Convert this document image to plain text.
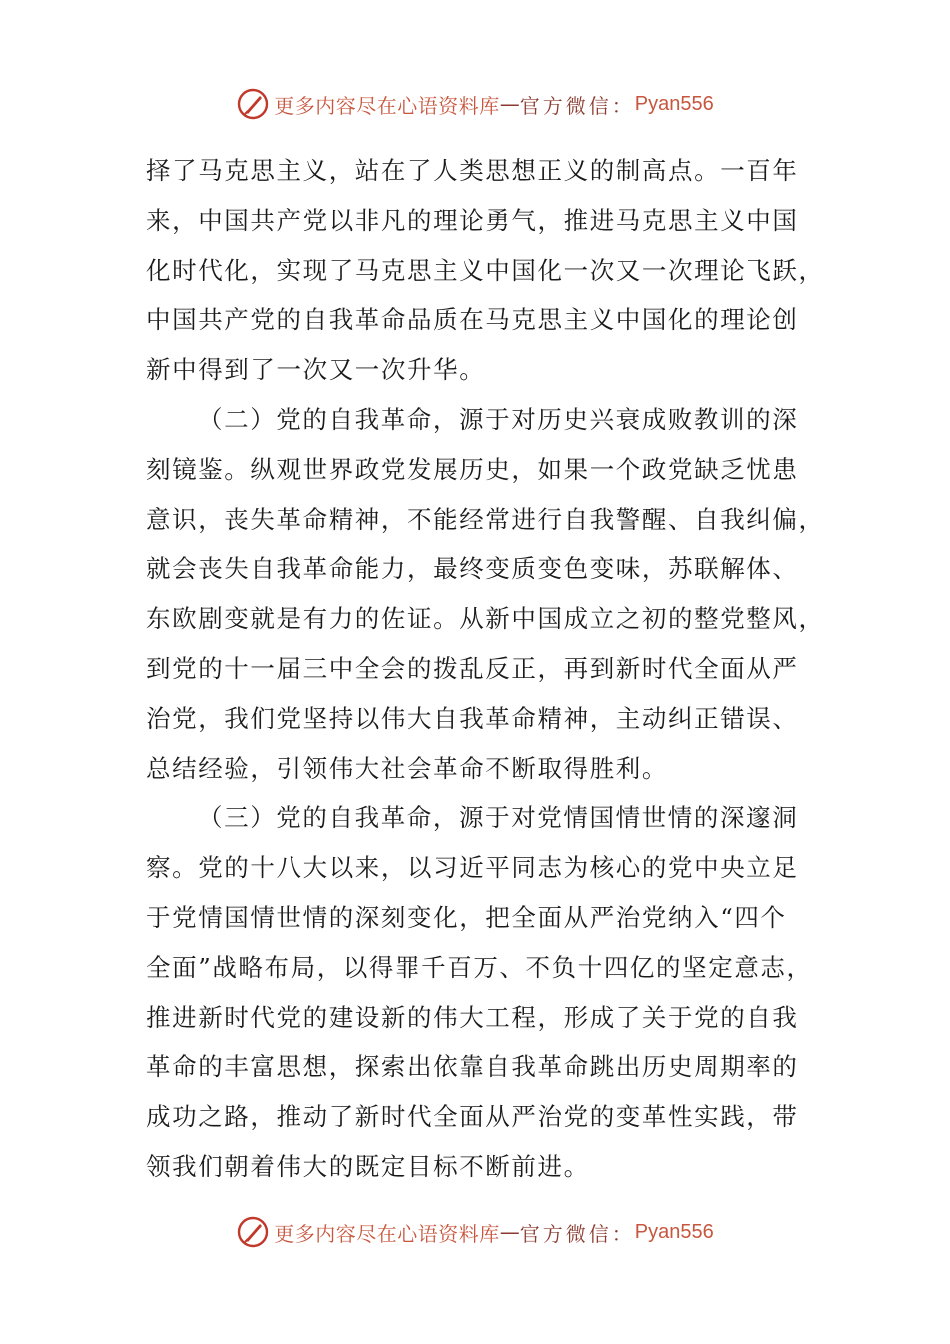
更多内容尽在心语资料库 — 官方微信： Pyan556
择了马克思主义，站在了人类思想正义的制高点。一百年
来，中国共产党以非凡的理论勇气，推进马克思主义中国
化时代化，实现了马克思主义中国化一次又一次理论飞跃，
中国共产党的自我革命品质在马克思主义中国化的理论创
新中得到了一次又一次升华。
（二）党的自我革命，源于对历史兴衰成败教训的深
刻镜鉴。纵观世界政党发展历史，如果一个政党缺乏忧患
意识，丧失革命精神，不能经常进行自我警醒、自我纠偏，
就会丧失自我革命能力，最终变质变色变味，苏联解体、
东欧剧变就是有力的佐证。从新中国成立之初的整党整风，
到党的十一届三中全会的拨乱反正，再到新时代全面从严
治党，我们党坚持以伟大自我革命精神，主动纠正错误、
总结经验，引领伟大社会革命不断取得胜利。
（三）党的自我革命，源于对党情国情世情的深邃洞
察。党的十八大以来，以习近平同志为核心的党中央立足
于党情国情世情的深刻变化，把全面从严治党纳入“四个
全面”战略布局，以得罪千百万、不负十四亿的坚定意志，
推进新时代党的建设新的伟大工程，形成了关于党的自我
革命的丰富思想，探索出依靠自我革命跳出历史周期率的
成功之路，推动了新时代全面从严治党的变革性实践，带
领我们朝着伟大的既定目标不断前进。
更多内容尽在心语资料库 — 官方微信： Pyan556
